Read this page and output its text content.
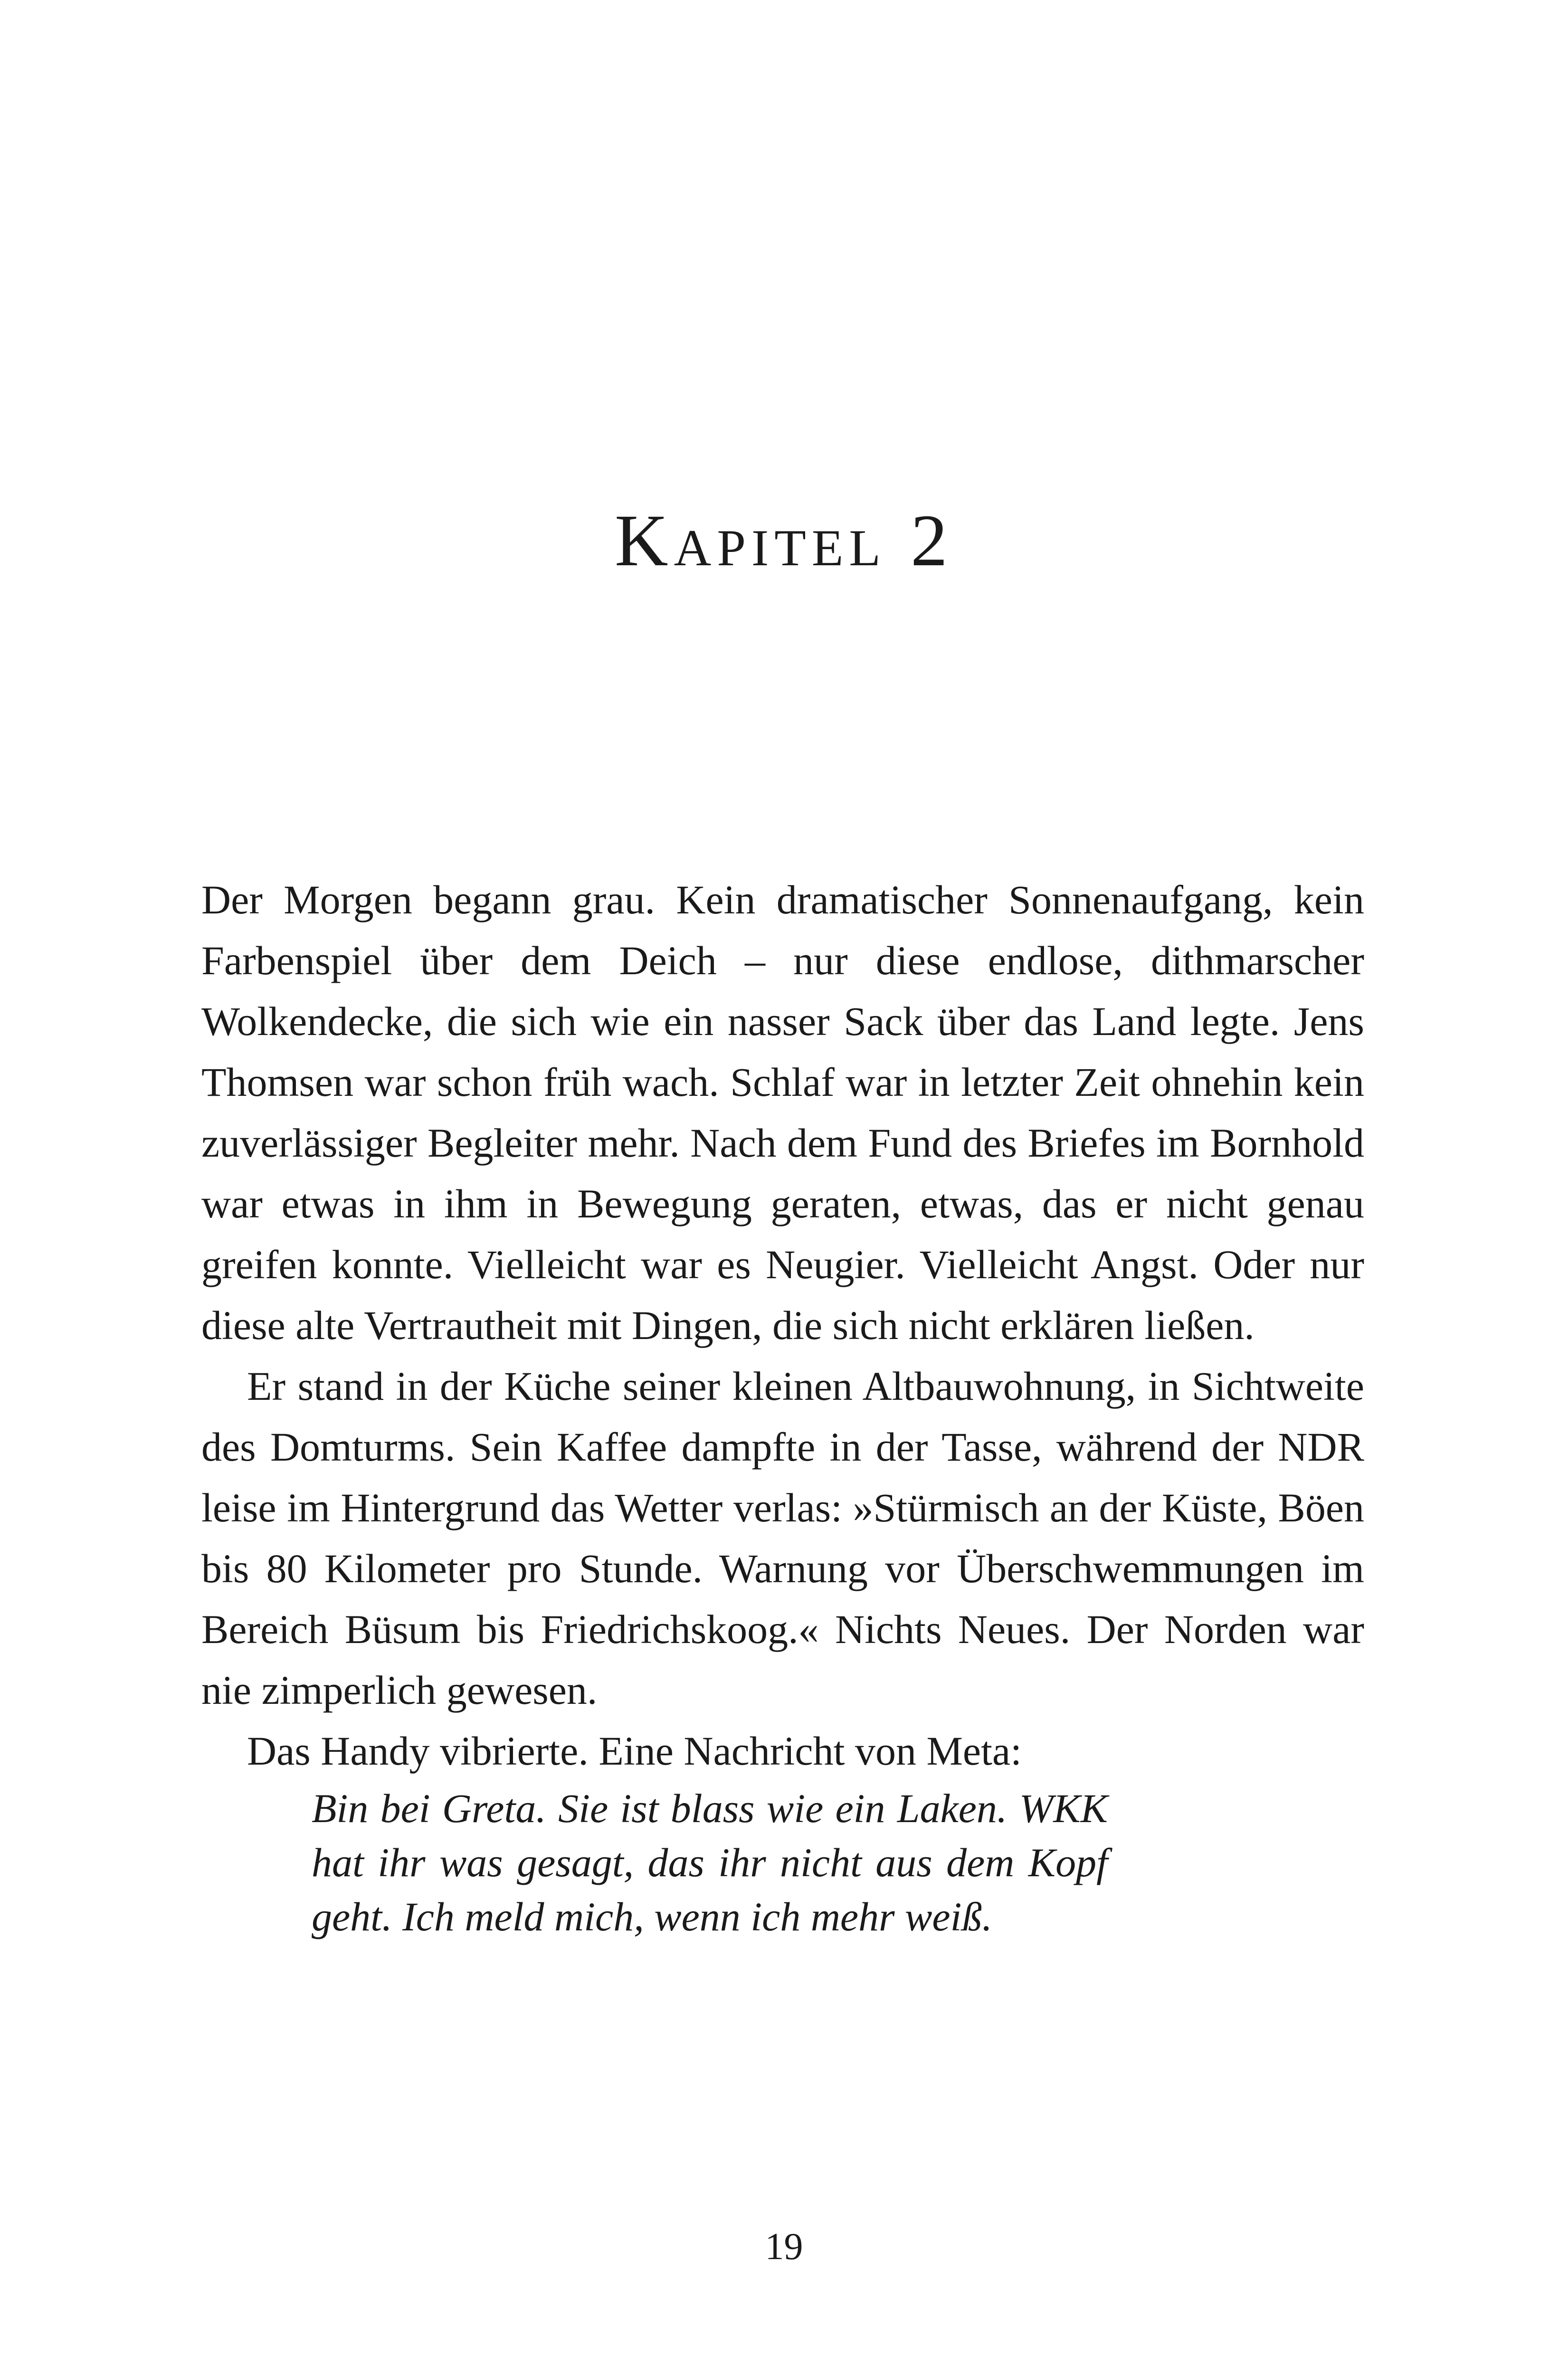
Kapitel 2

Der Morgen begann grau. Kein dramatischer Sonnenaufgang, kein Farbenspiel über dem Deich – nur diese endlose, dithmarscher Wolkendecke, die sich wie ein nasser Sack über das Land legte. Jens Thomsen war schon früh wach. Schlaf war in letzter Zeit ohnehin kein zuverlässiger Begleiter mehr. Nach dem Fund des Briefes im Bornhold war etwas in ihm in Bewegung geraten, etwas, das er nicht genau greifen konnte. Vielleicht war es Neugier. Vielleicht Angst. Oder nur diese alte Vertrautheit mit Dingen, die sich nicht erklären ließen.

Er stand in der Küche seiner kleinen Altbauwohnung, in Sichtweite des Domturms. Sein Kaffee dampfte in der Tasse, während der NDR leise im Hintergrund das Wetter verlas: »Stürmisch an der Küste, Böen bis 80 Kilometer pro Stunde. Warnung vor Überschwemmungen im Bereich Büsum bis Friedrichskoog.« Nichts Neues. Der Norden war nie zimperlich gewesen.

Das Handy vibrierte. Eine Nachricht von Meta:

Bin bei Greta. Sie ist blass wie ein Laken. WKK hat ihr was gesagt, das ihr nicht aus dem Kopf geht. Ich meld mich, wenn ich mehr weiß.

19
